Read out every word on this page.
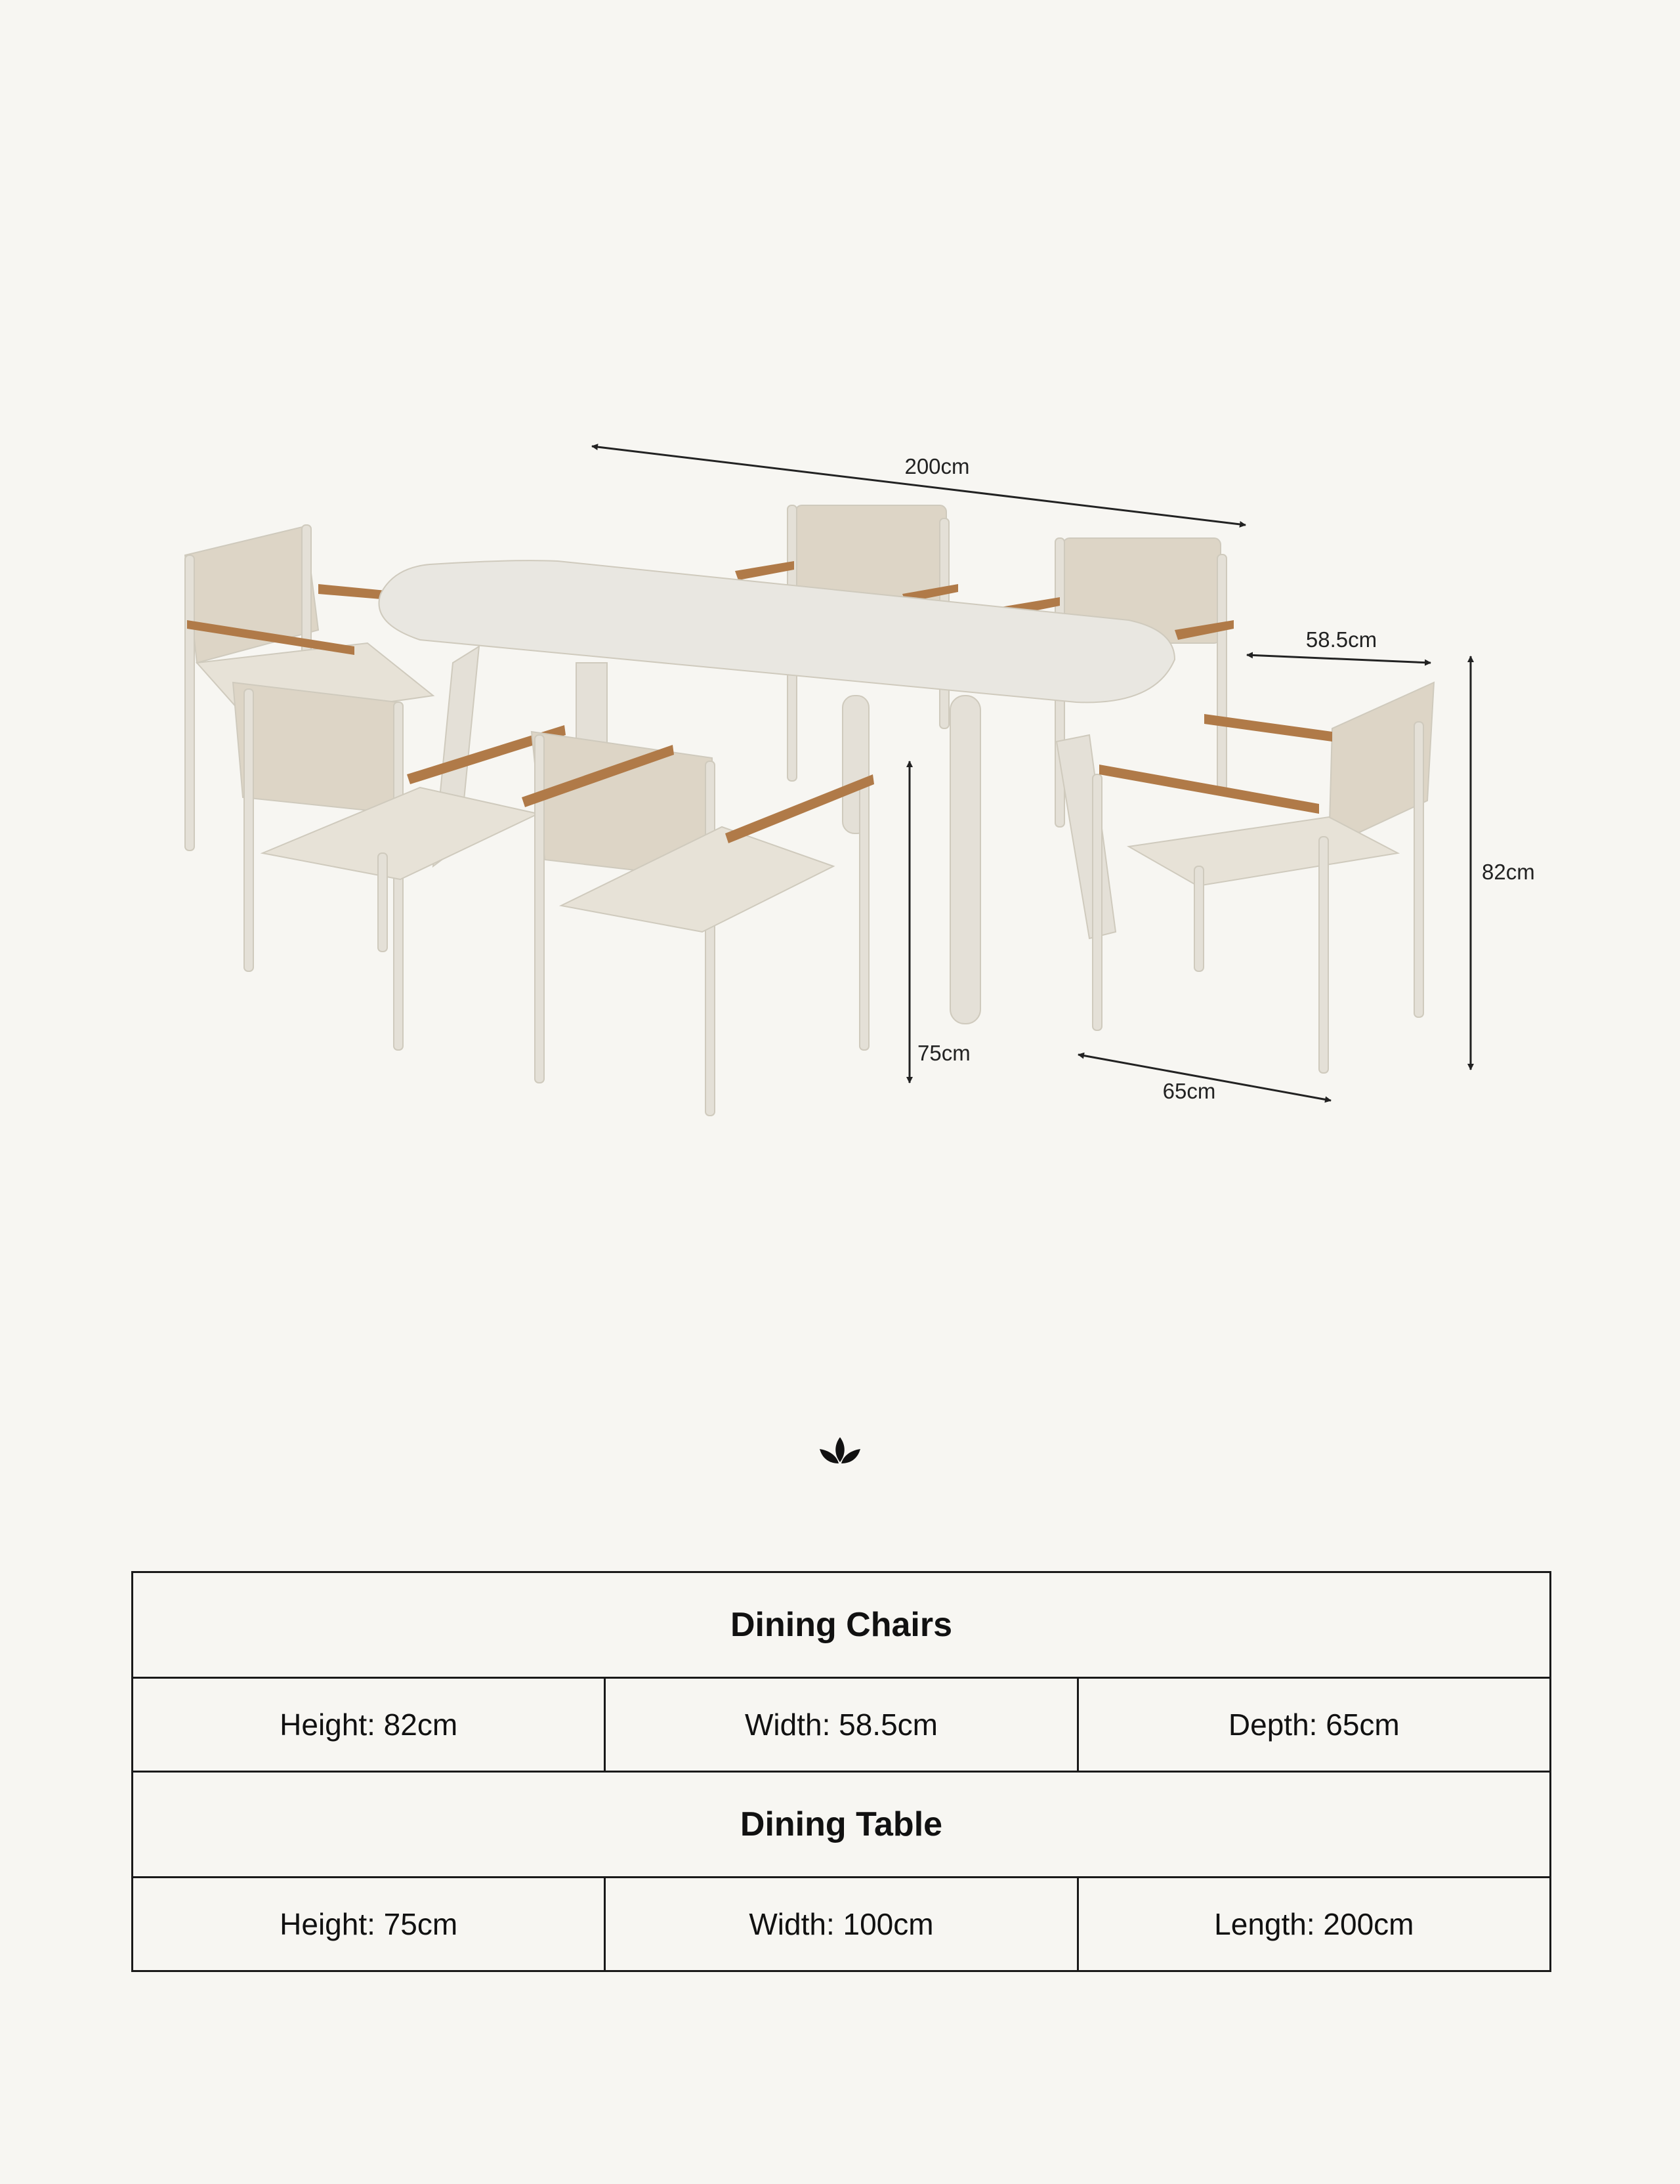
200cm
58.5cm
82cm
75cm
65cm
Dining Chairs		
Height: 82cm	Width: 58.5cm	Depth: 65cm
Dining Table		
Height: 75cm	Width: 100cm	Length: 200cm
